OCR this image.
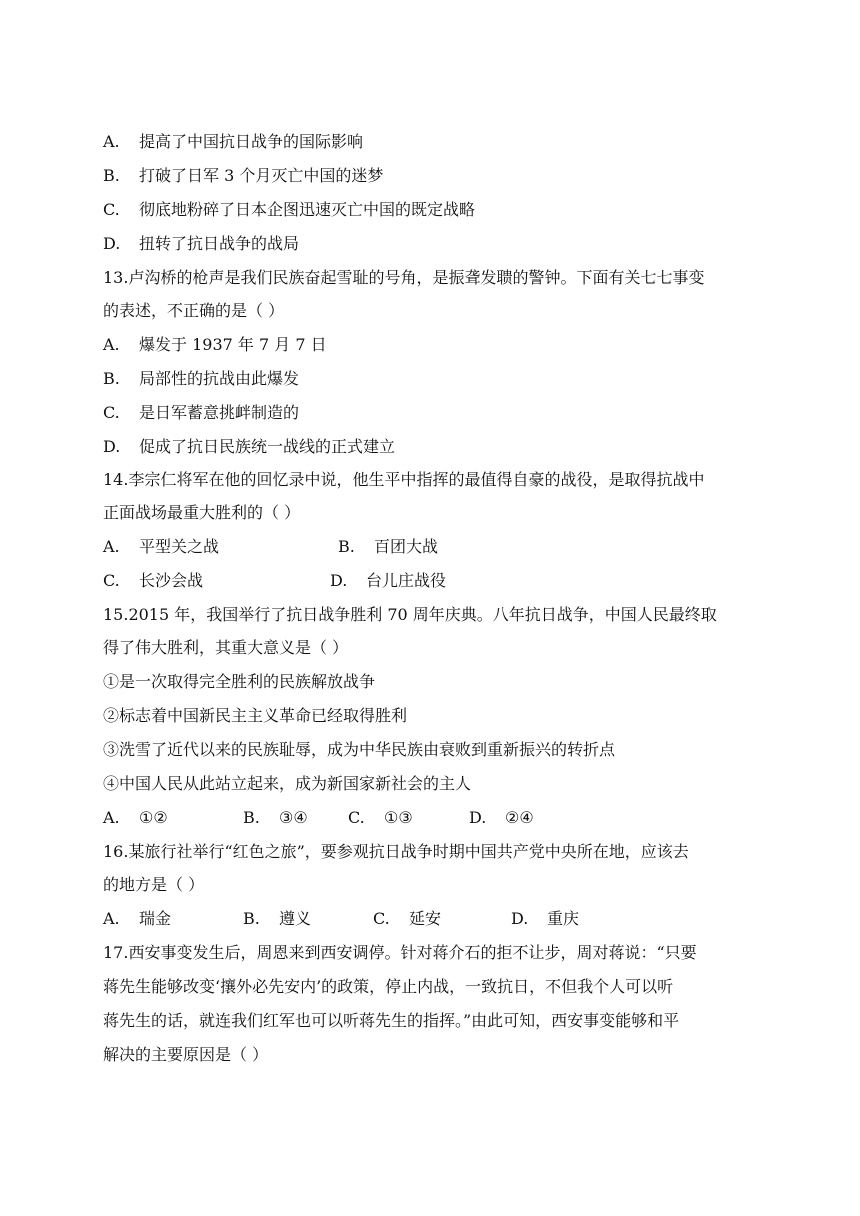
A. 提高了中国抗日战争的国际影响
B. 打破了日军 3 个月灭亡中国的迷梦
C. 彻底地粉碎了日本企图迅速灭亡中国的既定战略
D. 扭转了抗日战争的战局
13.卢沟桥的枪声是我们民族奋起雪耻的号角，是振聋发聩的警钟。下面有关七七事变
的表述，不正确的是（ ）
A. 爆发于 1937 年 7 月 7 日
B. 局部性的抗战由此爆发
C. 是日军蓄意挑衅制造的
D. 促成了抗日民族统一战线的正式建立
14.李宗仁将军在他的回忆录中说，他生平中指挥的最值得自豪的战役，是取得抗战中
正面战场最重大胜利的（ ）
A. 平型关之战	B. 百团大战
C. 长沙会战	D. 台儿庄战役
15.2015 年，我国举行了抗日战争胜利 70 周年庆典。八年抗日战争，中国人民最终取
得了伟大胜利，其重大意义是（ ）
①是一次取得完全胜利的民族解放战争
②标志着中国新民主主义革命已经取得胜利
③洗雪了近代以来的民族耻辱，成为中华民族由衰败到重新振兴的转折点
④中国人民从此站立起来，成为新国家新社会的主人
A. ①②	B. ③④	C. ①③	D. ②④
16.某旅行社举行“红色之旅”，要参观抗日战争时期中国共产党中央所在地，应该去
的地方是（ ）
A. 瑞金	B. 遵义	C. 延安	D. 重庆
17.西安事变发生后，周恩来到西安调停。针对蒋介石的拒不让步，周对蒋说：“只要
蒋先生能够改变‘攘外必先安内’的政策，停止内战，一致抗日，不但我个人可以听
蒋先生的话，就连我们红军也可以听蒋先生的指挥。”由此可知，西安事变能够和平
解决的主要原因是（ ）
